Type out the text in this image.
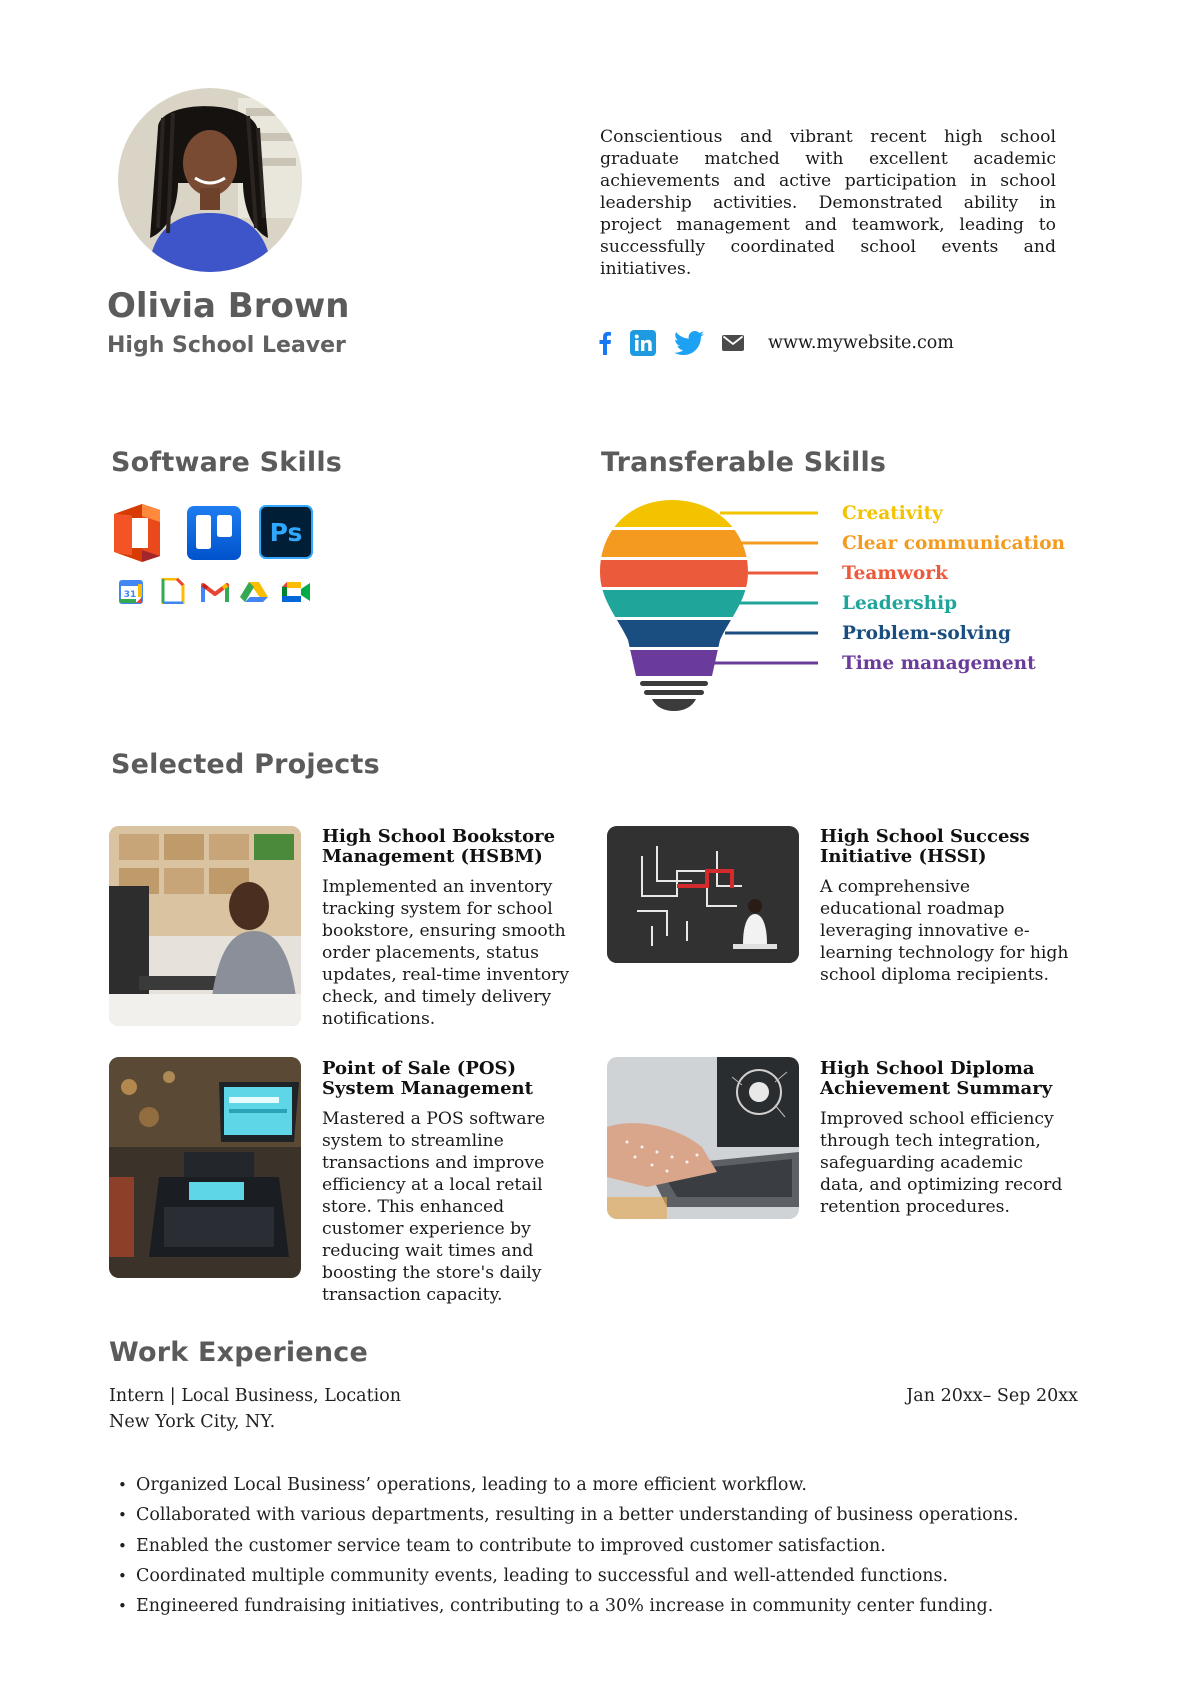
Olivia Brown
High School Leaver
Conscientious and vibrant recent high school graduate matched with excellent academic achievements and active participation in school leadership activities. Demonstrated ability in project management and teamwork, leading to successfully coordinated school events and initiatives.
www.mywebsite.com
Software Skills
Ps
31
Transferable Skills
Creativity
Clear communication
Teamwork
Leadership
Problem-solving
Time management
Selected Projects
High School Bookstore Management (HSBM)
Implemented an inventory tracking system for school bookstore, ensuring smooth order placements, status updates, real-time inventory check, and timely delivery notifications.
High School Success Initiative (HSSI)
A comprehensive educational roadmap leveraging innovative e-learning technology for high school diploma recipients.
Point of Sale (POS) System Management
Mastered a POS software system to streamline transactions and improve efficiency at a local retail store. This enhanced customer experience by reducing wait times and boosting the store's daily transaction capacity.
High School Diploma Achievement Summary
Improved school efficiency through tech integration, safeguarding academic data, and optimizing record retention procedures.
Work Experience
Intern | Local Business, Location
New York City, NY.
Jan 20xx– Sep 20xx
• Organized Local Business’ operations, leading to a more efficient workflow.
• Collaborated with various departments, resulting in a better understanding of business operations.
• Enabled the customer service team to contribute to improved customer satisfaction.
• Coordinated multiple community events, leading to successful and well-attended functions.
• Engineered fundraising initiatives, contributing to a 30% increase in community center funding.
